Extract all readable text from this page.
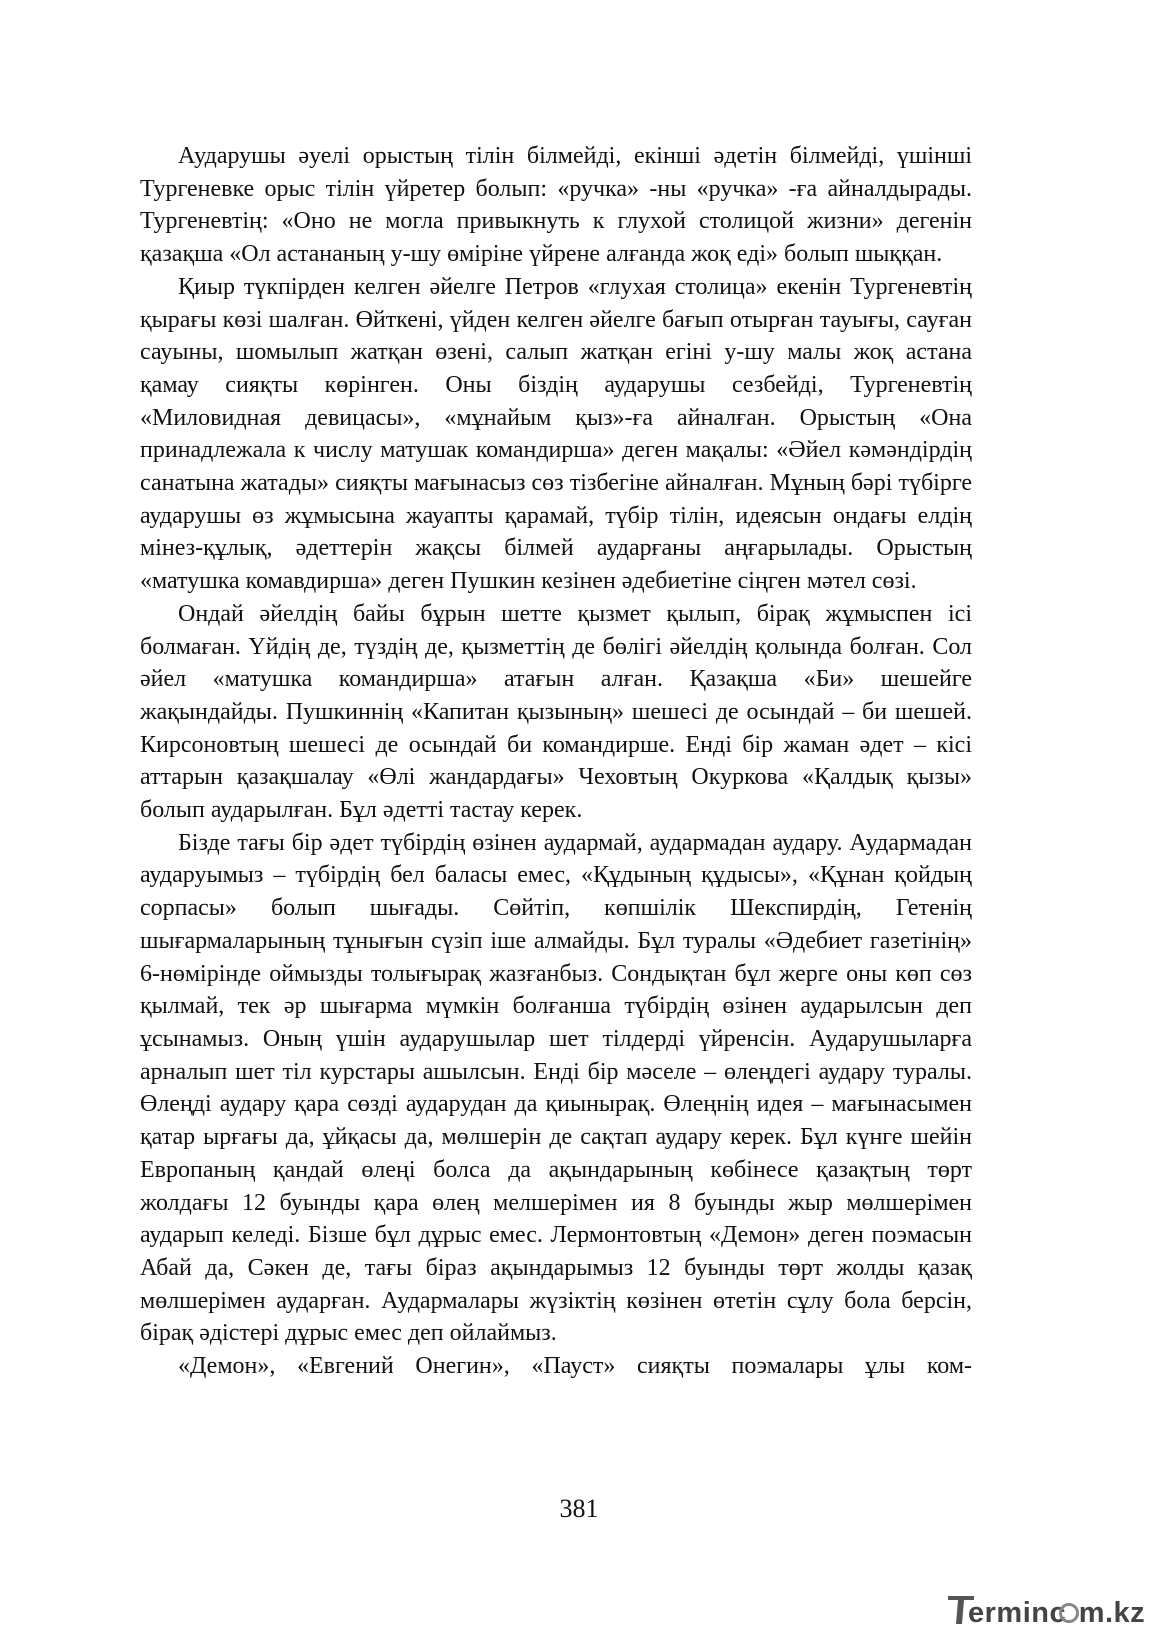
Аударушы әуелі орыстың тілін білмейді, екінші әдетін білмейді, үшінші Тургеневке орыс тілін үйретер болып: «ручка» -ны «ручка» -ға айналдырады. Тургеневтің: «Оно не могла привыкнуть к глухой столицой жизни» дегенін қазақша «Ол астананың у-шу өміріне үйрене алғанда жоқ еді» болып шыққан.

Қиыр түкпірден келген әйелге Петров «глухая столица» екенін Тургеневтің қырағы көзі шалған. Өйткені, үйден келген әйелге бағып отырған тауығы, сауған сауыны, шомылып жатқан өзені, салып жатқан егіні у-шу малы жоқ астана қамау сияқты көрінген. Оны біздің аударушы сезбейді, Тургеневтің «Миловидная девицасы», «мұнайым қыз»-ға айналған. Орыстың «Она принадлежала к числу матушак командирша» деген мақалы: «Әйел кәмәндірдің санатына жатады» сияқты мағынасыз сөз тізбегіне айналған. Мұның бәрі түбірге аударушы өз жұмысына жауапты қарамай, түбір тілін, идеясын ондағы елдің мінез-құлық, әдеттерін жақсы білмей аударғаны аңғарылады. Орыстың «матушка комавдирша» деген Пушкин кезінен әдебиетіне сіңген мәтел сөзі.

Ондай әйелдің байы бұрын шетте қызмет қылып, бірақ жұмыспен ісі болмаған. Үйдің де, түздің де, қызметтің де бөлігі әйелдің қолында болған. Сол әйел «матушка командирша» атағын алған. Қазақша «Би» шешейге жақындайды. Пушкиннің «Капитан қызының» шешесі де осындай – би шешей. Кирсоновтың шешесі де осындай би командирше. Енді бір жаман әдет – кісі аттарын қазақшалау «Өлі жандардағы» Чеховтың Окуркова «Қалдық қызы» болып аударылған. Бұл әдетті тастау керек.

Бізде тағы бір әдет түбірдің өзінен аудармай, аудармадан аудару. Аудармадан аударуымыз – түбірдің бел баласы емес, «Құдының құдысы», «Құнан қойдың сорпасы» болып шығады. Сөйтіп, көпшілік Шекспирдің, Гетенің шығармаларының тұнығын сүзіп іше алмайды. Бұл туралы «Әдебиет газетінің» 6-нөмірінде оймызды толығырақ жазғанбыз. Сондықтан бұл жерге оны көп сөз қылмай, тек әр шығарма мүмкін болғанша түбірдің өзінен аударылсын деп ұсынамыз. Оның үшін аударушылар шет тілдерді үйренсін. Аударушыларға арналып шет тіл курстары ашылсын. Енді бір мәселе – өлеңдегі аудару туралы. Өлеңді аудару қара сөзді аударудан да қиынырақ. Өлеңнің идея – мағынасымен қатар ырғағы да, ұйқасы да, мөлшерін де сақтап аудару керек. Бұл күнге шейін Европаның қандай өлеңі болса да ақындарының көбінесе қазақтың төрт жолдағы 12 буынды қара өлең мелшерімен ия 8 буынды жыр мөлшерімен аударып келеді. Бізше бұл дұрыс емес. Лермонтовтың «Демон» деген поэмасын Абай да, Сәкен де, тағы біраз ақындарымыз 12 буынды төрт жолды қазақ мөлшерімен аударған. Аудармалары жүзіктің көзінен өтетін сұлу бола берсін, бірақ әдістері дұрыс емес деп ойлаймыз.

«Демон», «Евгений Онегин», «Пауст» сияқты поэмалары ұлы ком-

381
erminc  m.kz
